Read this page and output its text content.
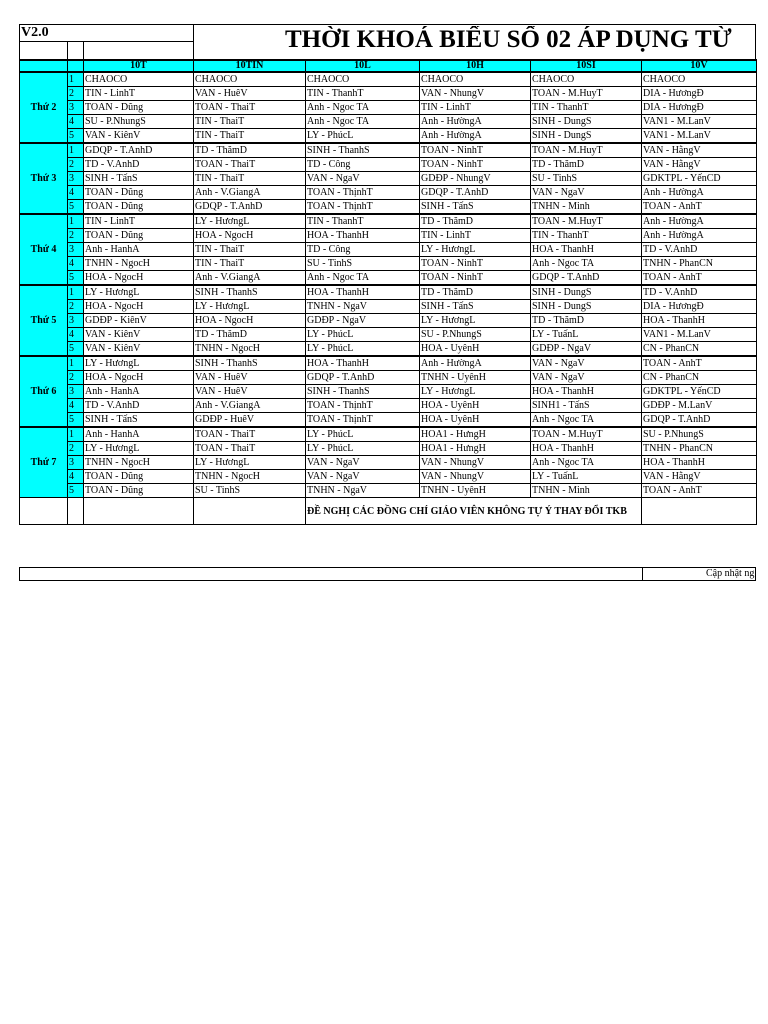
V2.0	THỜI KHOÁ BIỂU SỐ 02 ÁP DỤNG TỪ
		10T	10TIN	10L	10H	10SI	10V
Thứ 2	1	CHAOCO	CHAOCO	CHAOCO	CHAOCO	CHAOCO	CHAOCO
	2	TIN - LinhT	VAN - HuêV	TIN - ThanhT	VAN - NhungV	TOAN - M.HuyT	DIA - HươngĐ
	3	TOAN - Dũng	TOAN - ThaiT	Anh - Ngoc TA	TIN - LinhT	TIN - ThanhT	DIA - HươngĐ
	4	SU - P.NhungS	TIN - ThaiT	Anh - Ngoc TA	Anh - HườngA	SINH - DungS	VAN1 - M.LanV
	5	VAN - KiênV	TIN - ThaiT	LY - PhúcL	Anh - HườngA	SINH - DungS	VAN1 - M.LanV
Thứ 3	1	GDQP - T.AnhD	TD - ThămD	SINH - ThanhS	TOAN - NinhT	TOAN - M.HuyT	VAN - HằngV
	2	TD - V.AnhD	TOAN - ThaiT	TD - Công	TOAN - NinhT	TD - ThămD	VAN - HằngV
	3	SINH - TấnS	TIN - ThaiT	VAN - NgaV	GDĐP - NhungV	SU - TinhS	GDKTPL - YếnCD
	4	TOAN - Dũng	Anh - V.GiangA	TOAN - ThịnhT	GDQP - T.AnhD	VAN - NgaV	Anh - HườngA
	5	TOAN - Dũng	GDQP - T.AnhD	TOAN - ThịnhT	SINH - TấnS	TNHN - Minh	TOAN - AnhT
Thứ 4	1	TIN - LinhT	LY - HươngL	TIN - ThanhT	TD - ThămD	TOAN - M.HuyT	Anh - HườngA
	2	TOAN - Dũng	HOA - NgocH	HOA - ThanhH	TIN - LinhT	TIN - ThanhT	Anh - HườngA
	3	Anh - HanhA	TIN - ThaiT	TD - Công	LY - HươngL	HOA - ThanhH	TD - V.AnhD
	4	TNHN - NgocH	TIN - ThaiT	SU - TinhS	TOAN - NinhT	Anh - Ngoc TA	TNHN - PhanCN
	5	HOA - NgocH	Anh - V.GiangA	Anh - Ngoc TA	TOAN - NinhT	GDQP - T.AnhD	TOAN - AnhT
Thứ 5	1	LY - HươngL	SINH - ThanhS	HOA - ThanhH	TD - ThămD	SINH - DungS	TD - V.AnhD
	2	HOA - NgocH	LY - HươngL	TNHN - NgaV	SINH - TấnS	SINH - DungS	DIA - HươngĐ
	3	GDĐP - KiênV	HOA - NgocH	GDĐP - NgaV	LY - HươngL	TD - ThămD	HOA - ThanhH
	4	VAN - KiênV	TD - ThămD	LY - PhúcL	SU - P.NhungS	LY - TuấnL	VAN1 - M.LanV
	5	VAN - KiênV	TNHN - NgocH	LY - PhúcL	HOA - UyênH	GDĐP - NgaV	CN - PhanCN
Thứ 6	1	LY - HươngL	SINH - ThanhS	HOA - ThanhH	Anh - HườngA	VAN - NgaV	TOAN - AnhT
	2	HOA - NgocH	VAN - HuêV	GDQP - T.AnhD	TNHN - UyênH	VAN - NgaV	CN - PhanCN
	3	Anh - HanhA	VAN - HuêV	SINH - ThanhS	LY - HươngL	HOA - ThanhH	GDKTPL - YếnCD
	4	TD - V.AnhD	Anh - V.GiangA	TOAN - ThịnhT	HOA - UyênH	SINH1 - TấnS	GDĐP - M.LanV
	5	SINH - TấnS	GDĐP - HuêV	TOAN - ThịnhT	HOA - UyênH	Anh - Ngoc TA	GDQP - T.AnhD
Thứ 7	1	Anh - HanhA	TOAN - ThaiT	LY - PhúcL	HOA1 - HưngH	TOAN - M.HuyT	SU - P.NhungS
	2	LY - HươngL	TOAN - ThaiT	LY - PhúcL	HOA1 - HưngH	HOA - ThanhH	TNHN - PhanCN
	3	TNHN - NgocH	LY - HươngL	VAN - NgaV	VAN - NhungV	Anh - Ngoc TA	HOA - ThanhH
	4	TOAN - Dũng	TNHN - NgocH	VAN - NgaV	VAN - NhungV	LY - TuấnL	VAN - HằngV
	5	TOAN - Dũng	SU - TinhS	TNHN - NgaV	TNHN - UyênH	TNHN - Minh	TOAN - AnhT
				ĐỀ NGHỊ CÁC ĐỒNG CHÍ GIÁO VIÊN KHÔNG TỰ Ý THAY ĐỔI TKB			
Cập nhật ng
